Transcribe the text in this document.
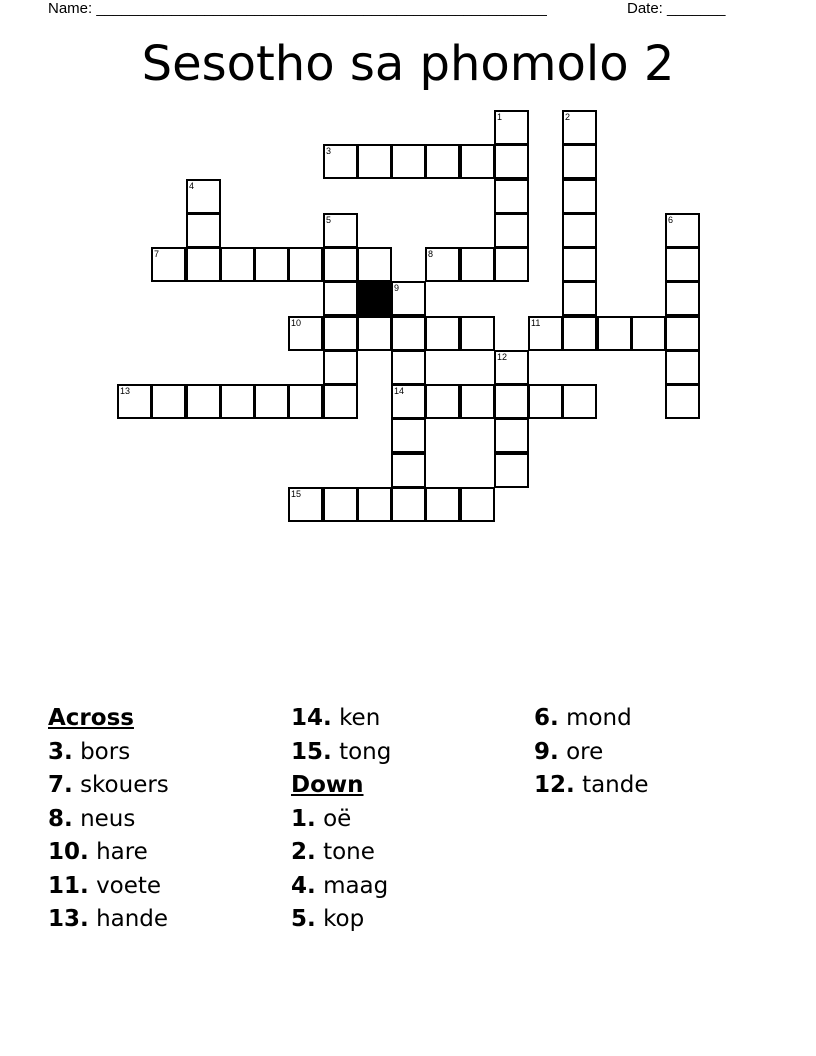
Name: ______________________________________________________	Date: _______
Sesotho sa phomolo 2
1	2
3
4
5	6
7	8
9
10	11
12
13	14
15
Across
3. bors
7. skouers
8. neus
10. hare
11. voete
13. hande
14. ken
15. tong
Down
1. oë
2. tone
4. maag
5. kop
6. mond
9. ore
12. tande
